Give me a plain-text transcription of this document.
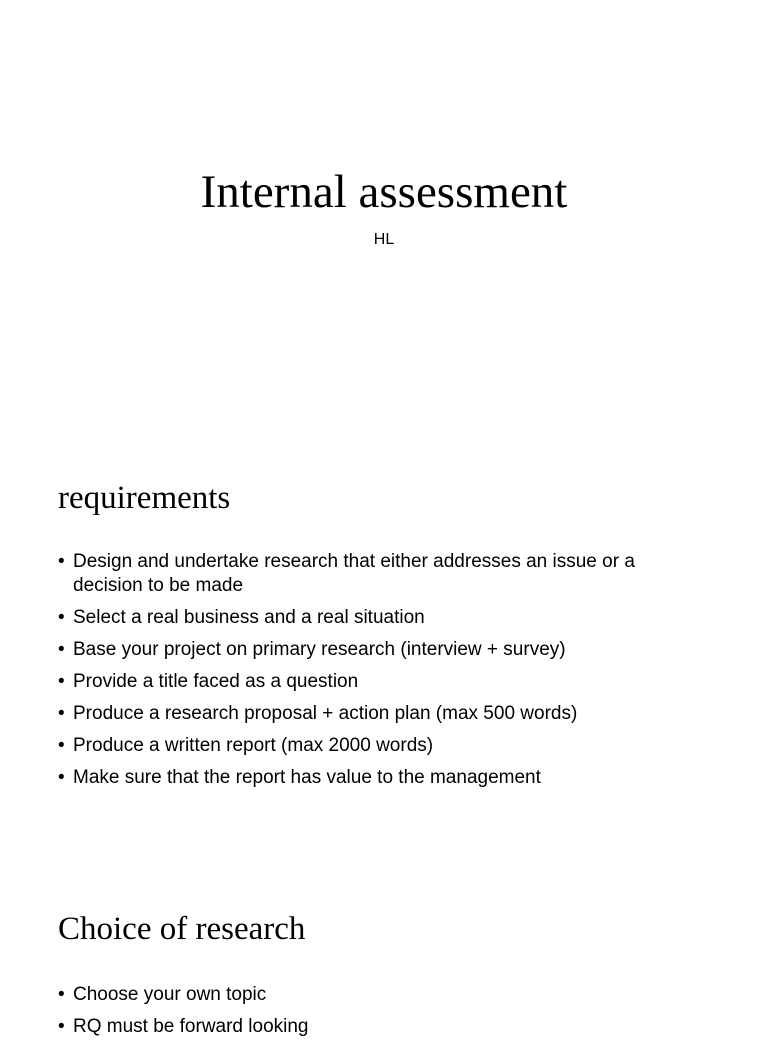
Internal assessment
HL
requirements
• Design and undertake research that either addresses an issue or a decision to be made
• Select a real business and a real situation
• Base your project on primary research (interview + survey)
• Provide a title faced as a question
• Produce a research proposal + action plan (max 500 words)
• Produce a written report (max 2000 words)
• Make sure that the report has value to the management
Choice of research
• Choose your own topic
• RQ must be forward looking
